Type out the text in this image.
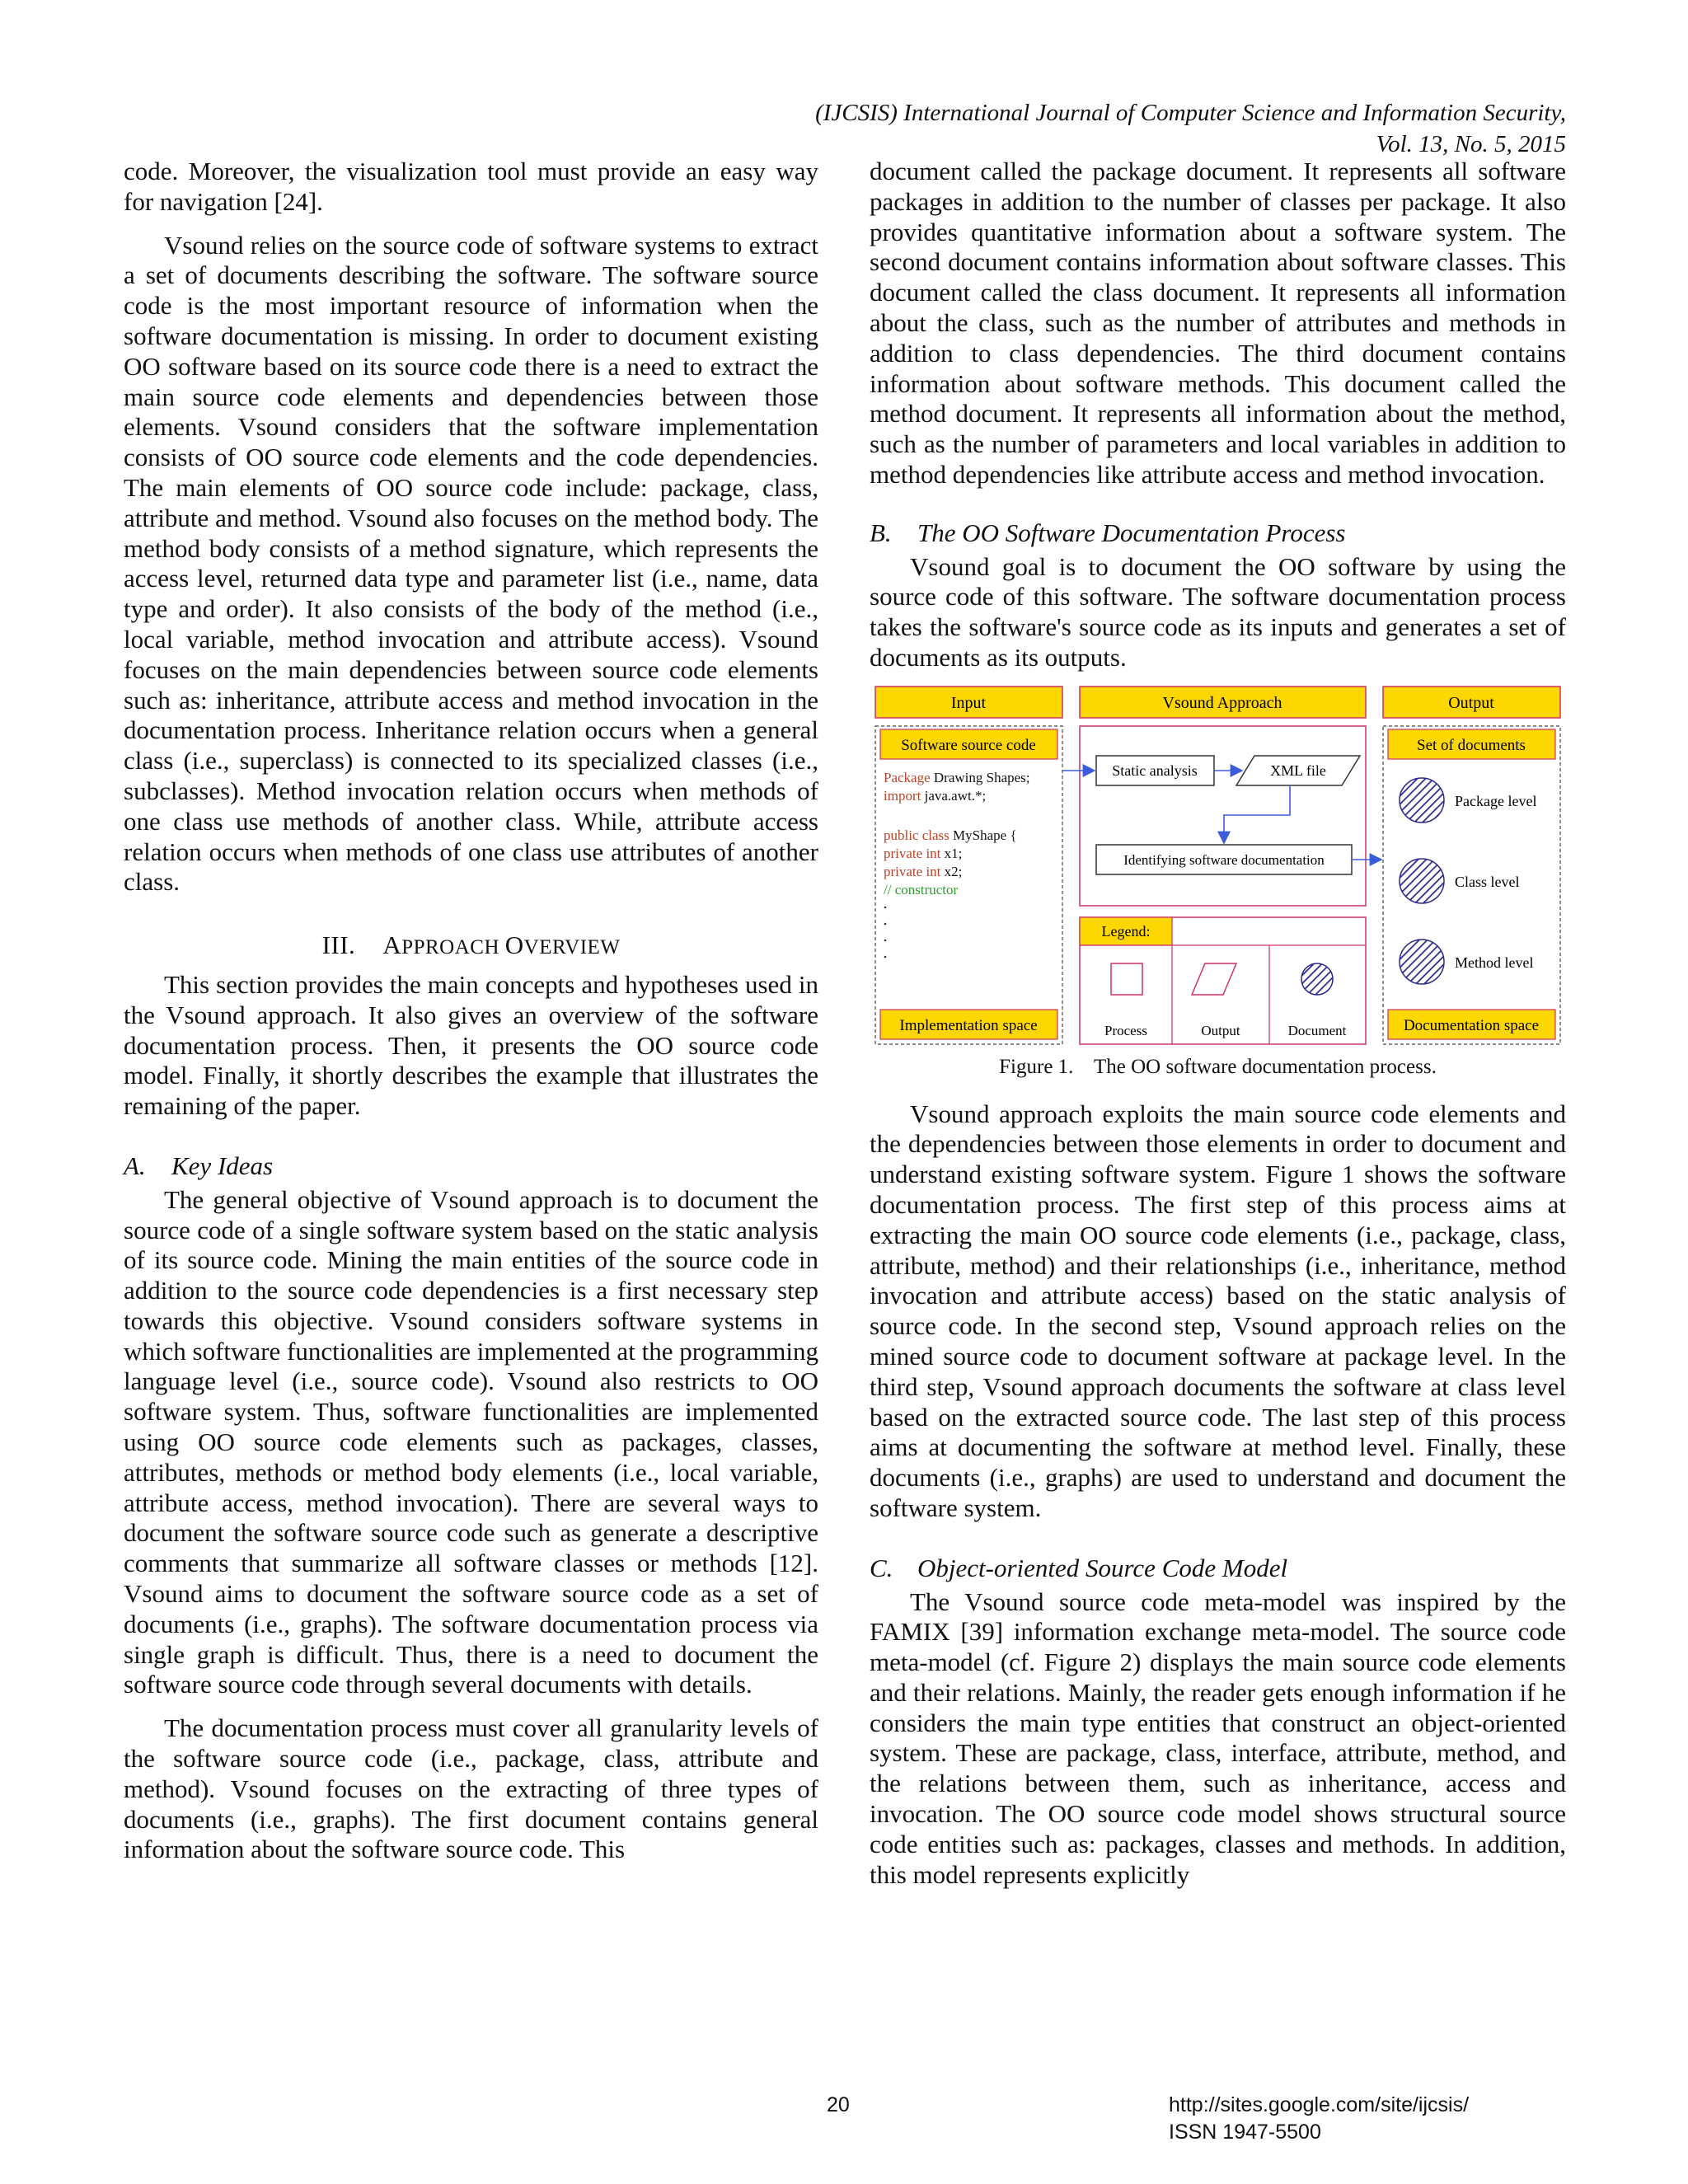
(IJCSIS) International Journal of Computer Science and Information Security,
Vol. 13, No. 5, 2015

code. Moreover, the visualization tool must provide an easy way for navigation [24].

Vsound relies on the source code of software systems to extract a set of documents describing the software. The software source code is the most important resource of information when the software documentation is missing. In order to document existing OO software based on its source code there is a need to extract the main source code elements and dependencies between those elements. Vsound considers that the software implementation consists of OO source code elements and the code dependencies. The main elements of OO source code include: package, class, attribute and method. Vsound also focuses on the method body. The method body consists of a method signature, which represents the access level, returned data type and parameter list (i.e., name, data type and order). It also consists of the body of the method (i.e., local variable, method invocation and attribute access). Vsound focuses on the main dependencies between source code elements such as: inheritance, attribute access and method invocation in the documentation process. Inheritance relation occurs when a general class (i.e., superclass) is connected to its specialized classes (i.e., subclasses). Method invocation relation occurs when methods of one class use methods of another class. While, attribute access relation occurs when methods of one class use attributes of another class.

III. APPROACH OVERVIEW

This section provides the main concepts and hypotheses used in the Vsound approach. It also gives an overview of the software documentation process. Then, it presents the OO source code model. Finally, it shortly describes the example that illustrates the remaining of the paper.

A. Key Ideas

The general objective of Vsound approach is to document the source code of a single software system based on the static analysis of its source code. Mining the main entities of the source code in addition to the source code dependencies is a first necessary step towards this objective. Vsound considers software systems in which software functionalities are implemented at the programming language level (i.e., source code). Vsound also restricts to OO software system. Thus, software functionalities are implemented using OO source code elements such as packages, classes, attributes, methods or method body elements (i.e., local variable, attribute access, method invocation). There are several ways to document the software source code such as generate a descriptive comments that summarize all software classes or methods [12]. Vsound aims to document the software source code as a set of documents (i.e., graphs). The software documentation process via single graph is difficult. Thus, there is a need to document the software source code through several documents with details.

The documentation process must cover all granularity levels of the software source code (i.e., package, class, attribute and method). Vsound focuses on the extracting of three types of documents (i.e., graphs). The first document contains general information about the software source code. This

document called the package document. It represents all software packages in addition to the number of classes per package. It also provides quantitative information about a software system. The second document contains information about software classes. This document called the class document. It represents all information about the class, such as the number of attributes and methods in addition to class dependencies. The third document contains information about software methods. This document called the method document. It represents all information about the method, such as the number of parameters and local variables in addition to method dependencies like attribute access and method invocation.

B. The OO Software Documentation Process

Vsound goal is to document the OO software by using the source code of this software. The software documentation process takes the software's source code as its inputs and generates a set of documents as its outputs.

Input	Vsound Approach	Output
Software source code
Package Drawing Shapes;
import java.awt.*;
public class MyShape {
private int x1;
private int x2;
// constructor
Implementation space
Static analysis	XML file
Identifying software documentation
Legend:
Process	Output	Document
Set of documents
Package level
Class level
Method level
Documentation space
Figure 1.    The OO software documentation process.

Vsound approach exploits the main source code elements and the dependencies between those elements in order to document and understand existing software system. Figure 1 shows the software documentation process. The first step of this process aims at extracting the main OO source code elements (i.e., package, class, attribute, method) and their relationships (i.e., inheritance, method invocation and attribute access) based on the static analysis of source code. In the second step, Vsound approach relies on the mined source code to document software at package level. In the third step, Vsound approach documents the software at class level based on the extracted source code. The last step of this process aims at documenting the software at method level. Finally, these documents (i.e., graphs) are used to understand and document the software system.

C. Object-oriented Source Code Model

The Vsound source code meta-model was inspired by the FAMIX [39] information exchange meta-model. The source code meta-model (cf. Figure 2) displays the main source code elements and their relations. Mainly, the reader gets enough information if he considers the main type entities that construct an object-oriented system. These are package, class, interface, attribute, method, and the relations between them, such as inheritance, access and invocation. The OO source code model shows structural source code entities such as: packages, classes and methods. In addition, this model represents explicitly

20	http://sites.google.com/site/ijcsis/
ISSN 1947-5500
